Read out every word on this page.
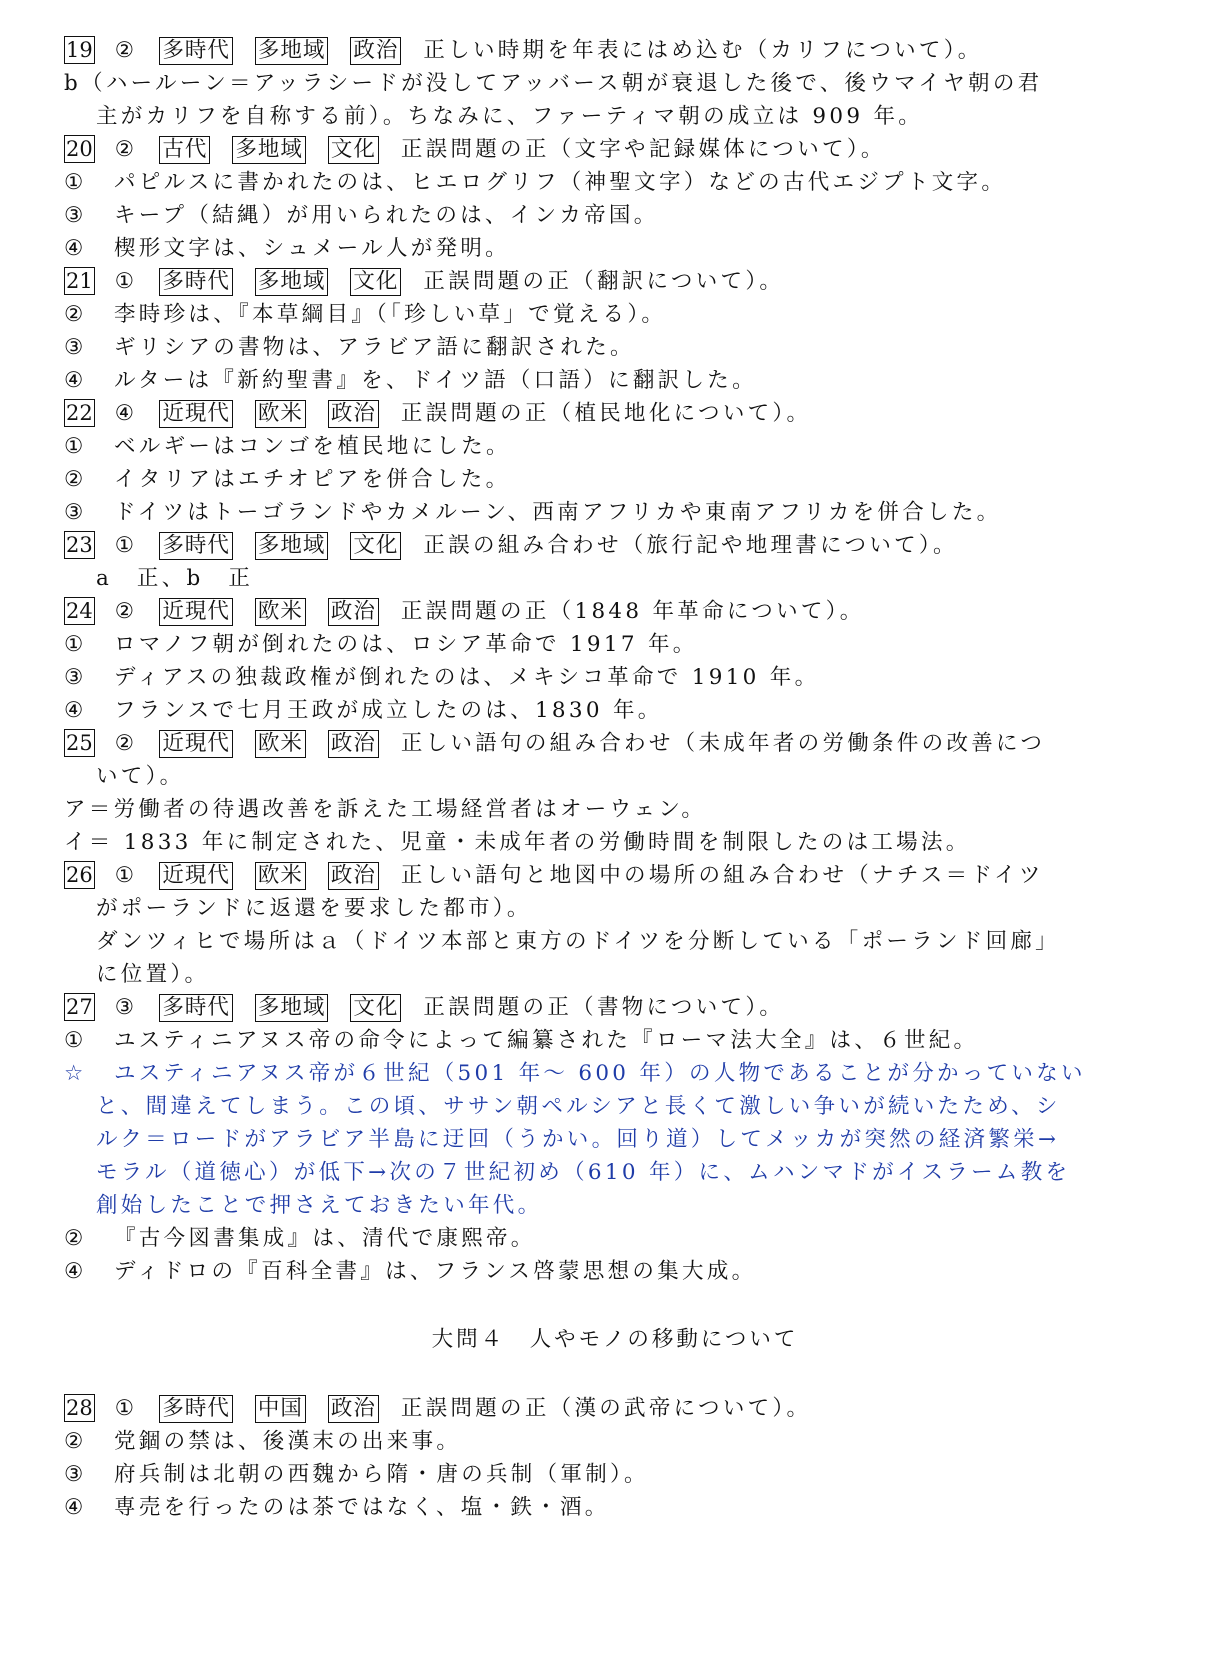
大問４　人やモノの移動について
19 ② 多時代 多地域 政治 正しい時期を年表にはめ込む（カリフについて）。
b（ハールーン＝アッラシードが没してアッバース朝が衰退した後で、後ウマイヤ朝の君
主がカリフを自称する前）。ちなみに、ファーティマ朝の成立は 909 年。
20 ② 古代 多地域 文化 正誤問題の正（文字や記録媒体について）。
① パピルスに書かれたのは、ヒエログリフ（神聖文字）などの古代エジプト文字。
③ キープ（結縄）が用いられたのは、インカ帝国。
④ 楔形文字は、シュメール人が発明。
21 ① 多時代 多地域 文化 正誤問題の正（翻訳について）。
② 李時珍は、『本草綱目』（「珍しい草」で覚える）。
③ ギリシアの書物は、アラビア語に翻訳された。
④ ルターは『新約聖書』を、ドイツ語（口語）に翻訳した。
22 ④ 近現代 欧米 政治 正誤問題の正（植民地化について）。
① ベルギーはコンゴを植民地にした。
② イタリアはエチオピアを併合した。
③ ドイツはトーゴランドやカメルーン、西南アフリカや東南アフリカを併合した。
23 ① 多時代 多地域 文化 正誤の組み合わせ（旅行記や地理書について）。
a　正、b　正
24 ② 近現代 欧米 政治 正誤問題の正（1848 年革命について）。
① ロマノフ朝が倒れたのは、ロシア革命で 1917 年。
③ ディアスの独裁政権が倒れたのは、メキシコ革命で 1910 年。
④ フランスで七月王政が成立したのは、1830 年。
25 ② 近現代 欧米 政治 正しい語句の組み合わせ（未成年者の労働条件の改善につ
いて）。
ア＝労働者の待遇改善を訴えた工場経営者はオーウェン。
イ＝ 1833 年に制定された、児童・未成年者の労働時間を制限したのは工場法。
26 ① 近現代 欧米 政治 正しい語句と地図中の場所の組み合わせ（ナチス＝ドイツ
がポーランドに返還を要求した都市）。
ダンツィヒで場所はａ（ドイツ本部と東方のドイツを分断している「ポーランド回廊」
に位置）。
27 ③ 多時代 多地域 文化 正誤問題の正（書物について）。
① ユスティニアヌス帝の命令によって編纂された『ローマ法大全』は、６世紀。
☆ ユスティニアヌス帝が６世紀（501 年～ 600 年）の人物であることが分かっていない
と、間違えてしまう。この頃、ササン朝ペルシアと長くて激しい争いが続いたため、シ
ルク＝ロードがアラビア半島に迂回（うかい。回り道）してメッカが突然の経済繁栄→
モラル（道徳心）が低下→次の７世紀初め（610 年）に、ムハンマドがイスラーム教を
創始したことで押さえておきたい年代。
② 『古今図書集成』は、清代で康熙帝。
④ ディドロの『百科全書』は、フランス啓蒙思想の集大成。
28 ① 多時代 中国 政治 正誤問題の正（漢の武帝について）。
② 党錮の禁は、後漢末の出来事。
③ 府兵制は北朝の西魏から隋・唐の兵制（軍制）。
④ 専売を行ったのは茶ではなく、塩・鉄・酒。
